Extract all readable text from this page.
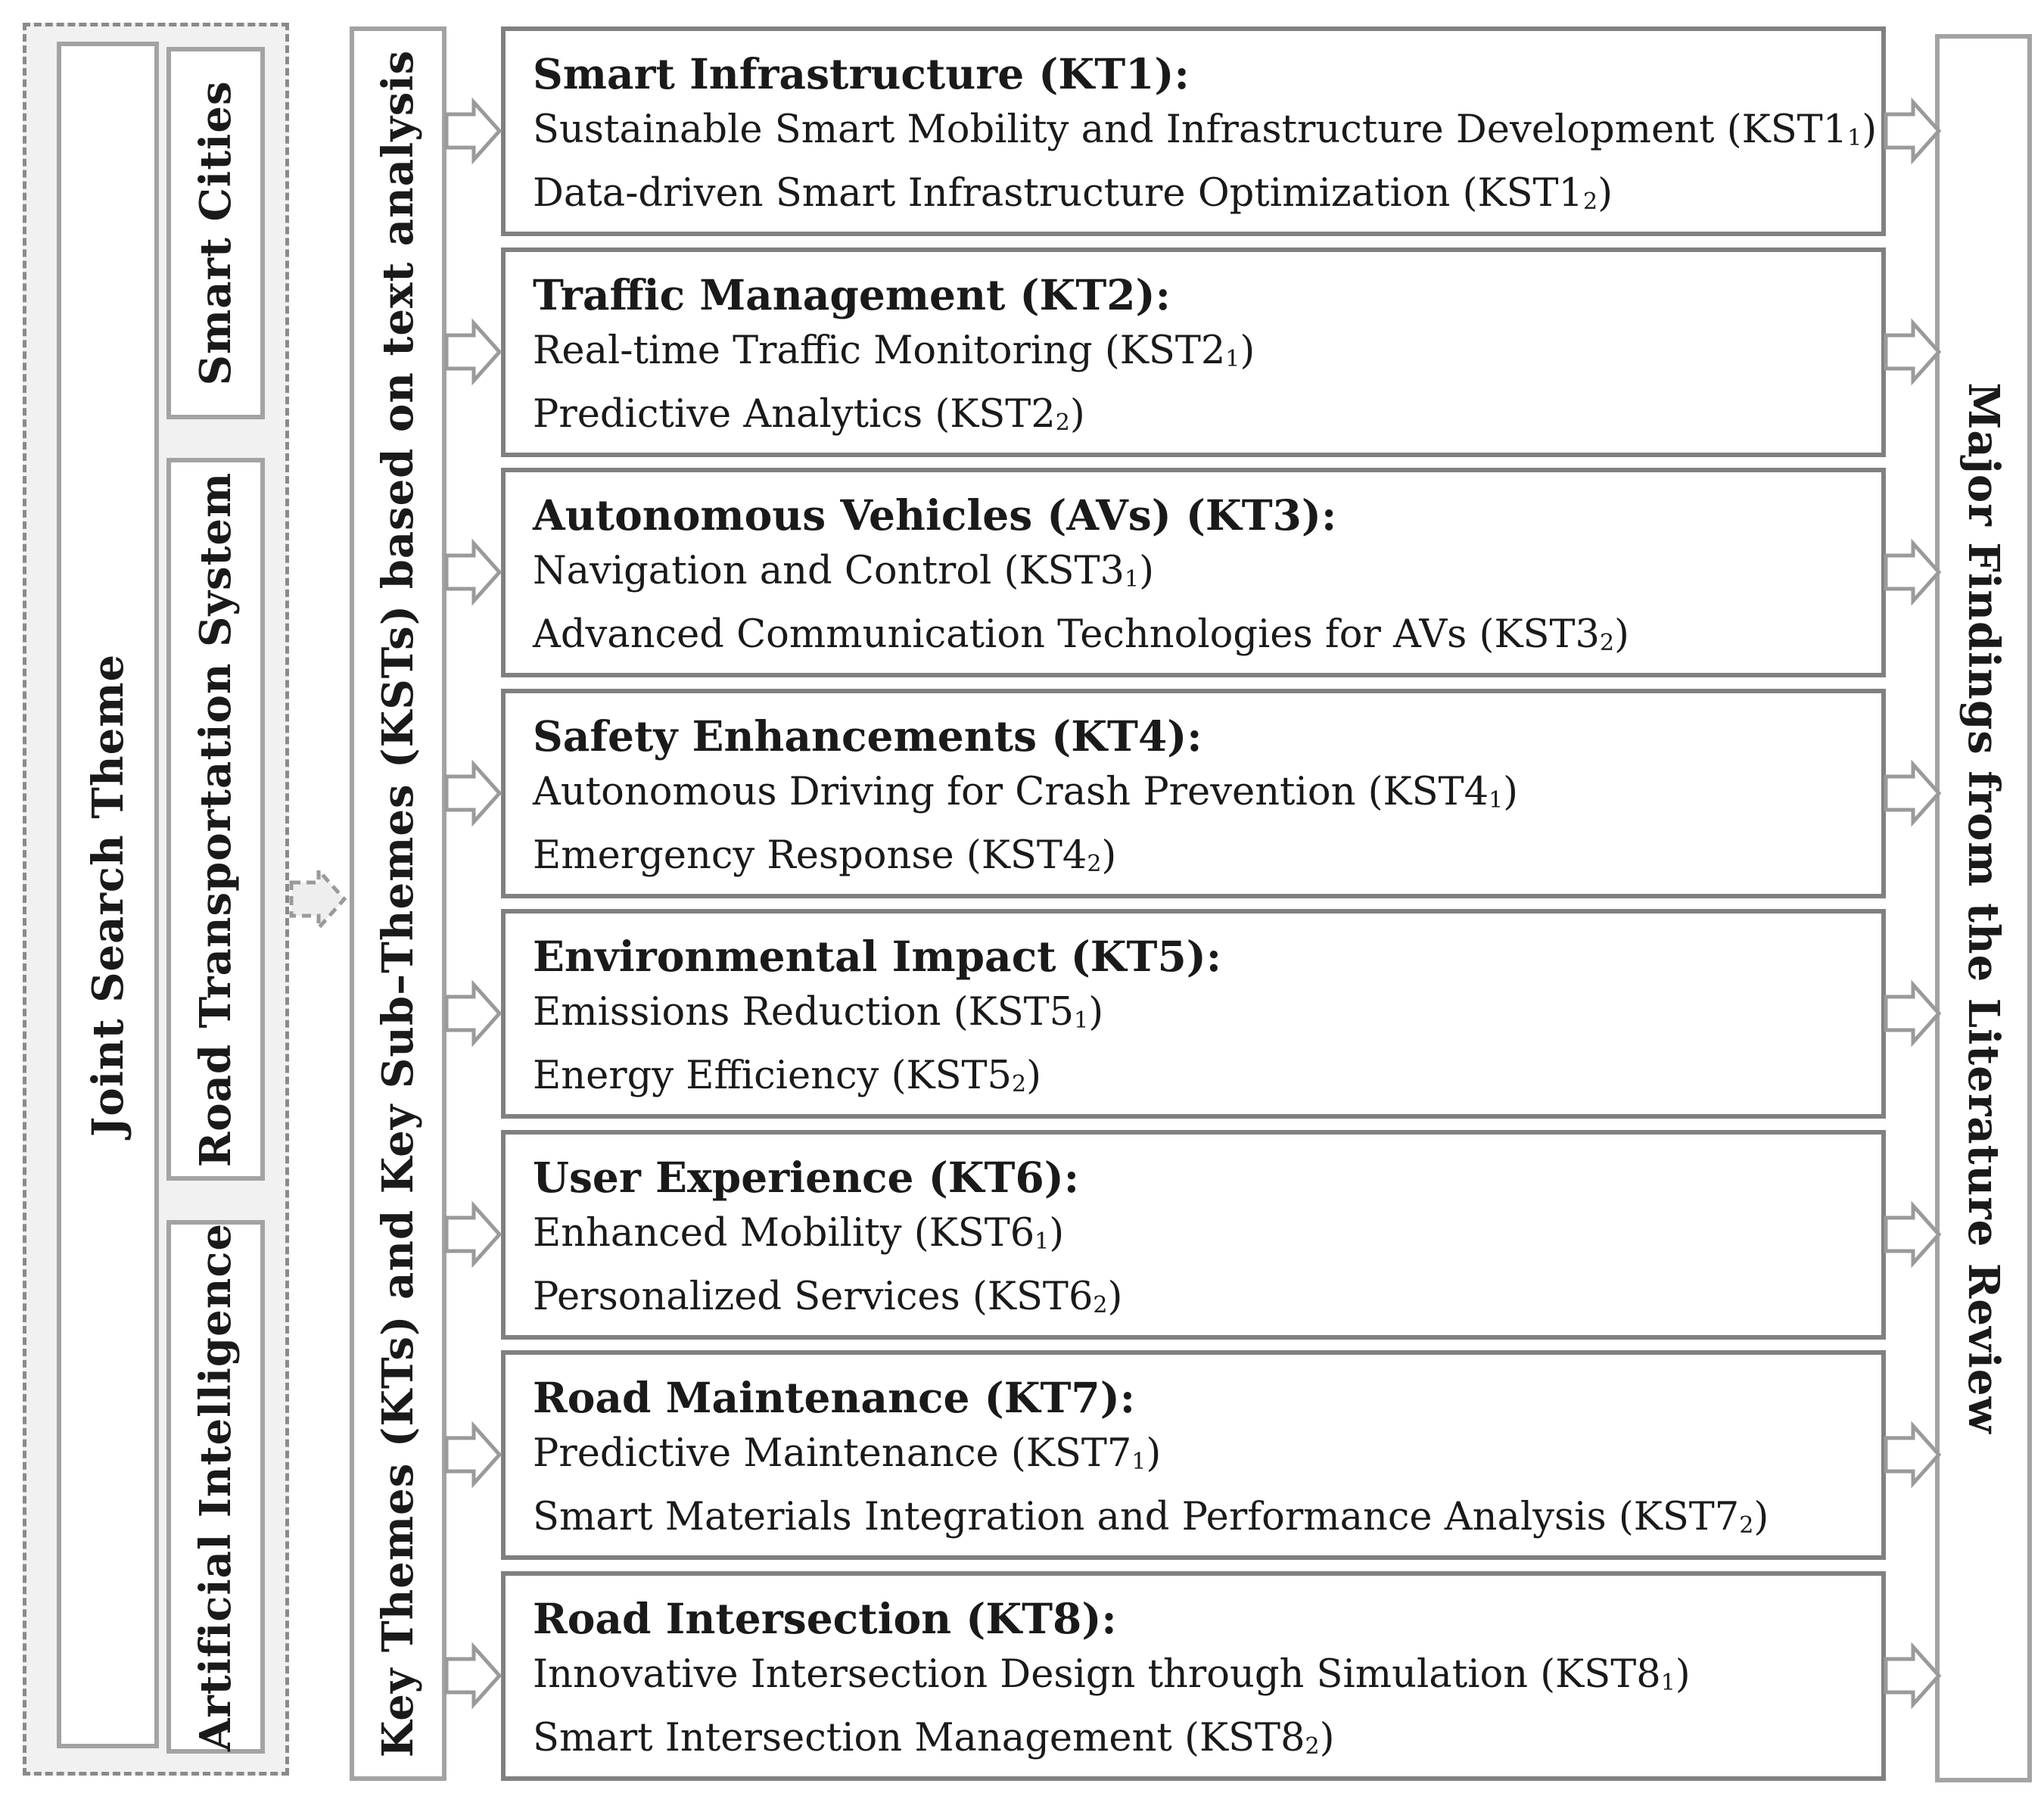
Joint Search Theme
Smart Cities
Road Transportation System
Artificial Intelligence	Key Themes (KTs) and Key Sub–Themes (KSTs) based on text analysis	Major Findings from the Literature Review
Smart Infrastructure (KT1):
Sustainable Smart Mobility and Infrastructure Development $(KST1_1)$
Data-driven Smart Infrastructure Optimization $(KST1_2)$
Traffic Management (KT2):
Real-time Traffic Monitoring $(KST2_1)$
Predictive Analytics $(KST2_2)$
Autonomous Vehicles (AVs) (KT3):
Navigation and Control $(KST3_1)$
Advanced Communication Technologies for AVs $(KST3_2)$
Safety Enhancements (KT4):
Autonomous Driving for Crash Prevention $(KST4_1)$
Emergency Response $(KST4_2)$
Environmental Impact (KT5):
Emissions Reduction $(KST5_1)$
Energy Efficiency $(KST5_2)$
User Experience (KT6):
Enhanced Mobility $(KST6_1)$
Personalized Services $(KST6_2)$
Road Maintenance (KT7):
Predictive Maintenance $(KST7_1)$
Smart Materials Integration and Performance Analysis $(KST7_2)$
Road Intersection (KT8):
Innovative Intersection Design through Simulation $(KST8_1)$
Smart Intersection Management $(KST8_2)$
